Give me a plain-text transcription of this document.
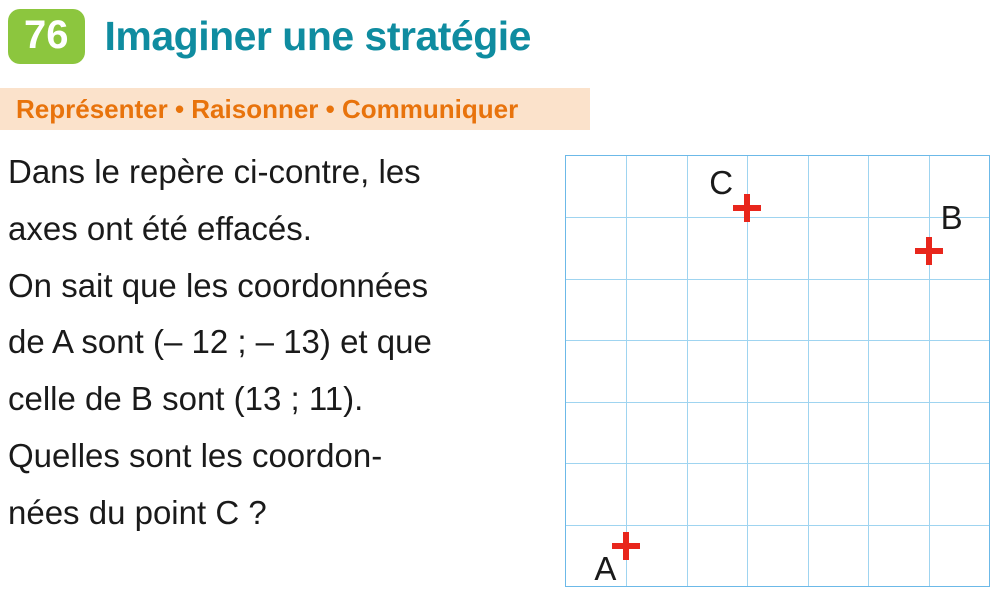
76 Imaginer une stratégie
Représenter • Raisonner • Communiquer
Dans le repère ci-contre, les
axes ont été effacés.
On sait que les coordonnées
de A sont (– 12 ; – 13) et que
celle de B sont (13 ; 11).
Quelles sont les coordon-
nées du point C ?
A
B
C
